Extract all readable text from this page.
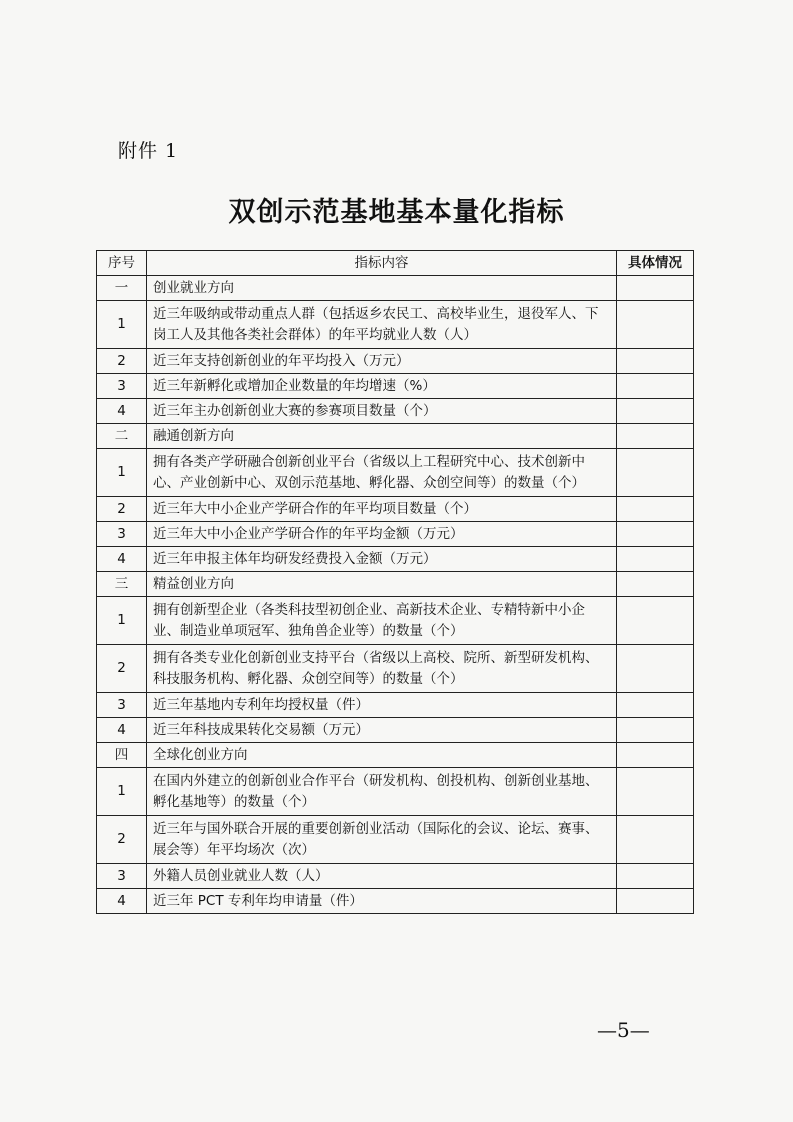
附件 1
双创示范基地基本量化指标
序号	指标内容	具体情况
一	创业就业方向	
1	近三年吸纳或带动重点人群（包括返乡农民工、高校毕业生，退役军人、下岗工人及其他各类社会群体）的年平均就业人数（人）	
2	近三年支持创新创业的年平均投入（万元）	
3	近三年新孵化或增加企业数量的年均增速（%）	
4	近三年主办创新创业大赛的参赛项目数量（个）	
二	融通创新方向	
1	拥有各类产学研融合创新创业平台（省级以上工程研究中心、技术创新中心、产业创新中心、双创示范基地、孵化器、众创空间等）的数量（个）	
2	近三年大中小企业产学研合作的年平均项目数量（个）	
3	近三年大中小企业产学研合作的年平均金额（万元）	
4	近三年申报主体年均研发经费投入金额（万元）	
三	精益创业方向	
1	拥有创新型企业（各类科技型初创企业、高新技术企业、专精特新中小企业、制造业单项冠军、独角兽企业等）的数量（个）	
2	拥有各类专业化创新创业支持平台（省级以上高校、院所、新型研发机构、科技服务机构、孵化器、众创空间等）的数量（个）	
3	近三年基地内专利年均授权量（件）	
4	近三年科技成果转化交易额（万元）	
四	全球化创业方向	
1	在国内外建立的创新创业合作平台（研发机构、创投机构、创新创业基地、孵化基地等）的数量（个）	
2	近三年与国外联合开展的重要创新创业活动（国际化的会议、论坛、赛事、展会等）年平均场次（次）	
3	外籍人员创业就业人数（人）	
4	近三年 PCT 专利年均申请量（件）	
—5—
